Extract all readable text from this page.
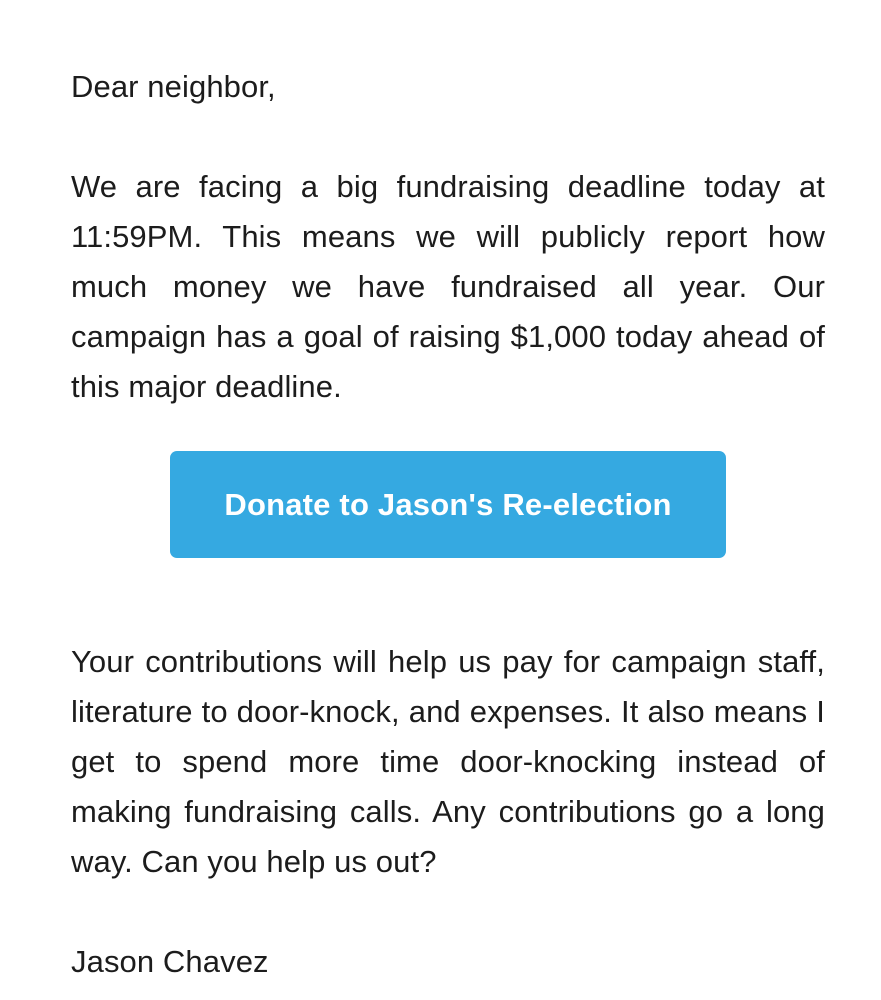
Dear neighbor,

We are facing a big fundraising deadline today at 11:59PM. This means we will publicly report how much money we have fundraised all year. Our campaign has a goal of raising $1,000 today ahead of this major deadline.

Donate to Jason's Re-election

Your contributions will help us pay for campaign staff, literature to door-knock, and expenses. It also means I get to spend more time door-knocking instead of making fundraising calls. Any contributions go a long way. Can you help us out?

Jason Chavez
